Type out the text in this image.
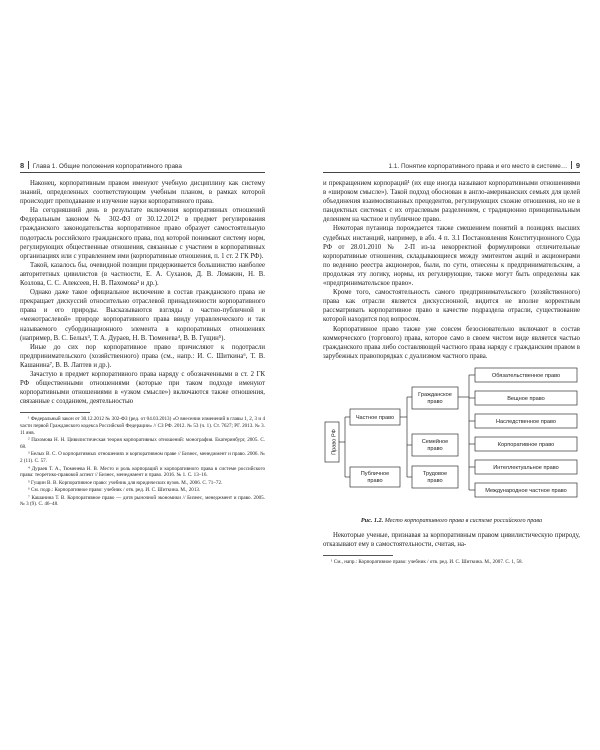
8 Глава 1. Общие положения корпоративного права

Наконец, корпоративным правом именуют учебную дисциплину как систему знаний, определенных соответствующим учебным планом, в рамках которой происходит преподавание и изучение науки корпоративного права.

На сегодняшний день в результате включения корпоративных отношений Федеральным законом № 302-ФЗ от 30.12.2012¹ в предмет регулирования гражданского законодательства корпоративное право образует самостоятельную подотрасль российского гражданского права, под которой понимают систему норм, регулирующих общественные отношения, связанные с участием в корпоративных организациях или с управлением ими (корпоративные отношения, п. 1 ст. 2 ГК РФ).

Такой, казалось бы, очевидной позиции придерживается большинство наиболее авторитетных цивилистов (в частности, Е. А. Суханов, Д. В. Ломакин, Н. В. Козлова, С. С. Алексеев, Н. В. Пахомова² и др.).

Однако даже такое официальное включение в состав гражданского права не прекращает дискуссий относительно отраслевой принадлежности корпоративного права и его природы. Высказываются взгляды о частно-публичной и «межотраслевой» природе корпоративного права ввиду управленческого и так называемого субординационного элемента в корпоративных отношениях (например, В. С. Белых³, Т. А. Дураев, Н. В. Тюменева⁴, В. В. Гущин⁵).

Иные до сих пор корпоративное право причисляют к подотрасли предпринимательского (хозяйственного) права (см., напр.: И. С. Шиткина⁶, Т. В. Кашанина⁷, В. В. Лаптев и др.).

Зачастую в предмет корпоративного права наряду с обозначенными в ст. 2 ГК РФ общественными отношениями (которые при таком подходе именуют корпоративными отношениями в «узком смысле») включаются также отношения, связанные с созданием, деятельностью

¹ Федеральный закон от 30.12.2012 № 302-ФЗ (ред. от 04.03.2013) «О внесении изменений в главы 1, 2, 3 и 4 части первой Гражданского кодекса Российской Федерации» // СЗ РФ. 2012. № 53 (ч. 1). Ст. 7627; РГ. 2013. № 3. 11 янв.

² Пахомова Н. Н. Цивилистическая теория корпоративных отношений: монография. Екатеринбург, 2005. С. 68.

³ Белых В. С. О корпоративных отношениях и корпоративном праве // Бизнес, менеджмент и право. 2006. № 2 (11). С. 57.

⁴ Дураев Т. А., Тюменева Н. В. Место и роль корпораций и корпоративного права в системе российского права: теоретико-правовой аспект // Бизнес, менеджмент и право. 2016. № 1. С. 13–16.

⁵ Гущин В. В. Корпоративное право: учебник для юридических вузов. М., 2006. С. 71–72.

⁶ См. подр.: Корпоративное право: учебник / отв. ред. И. С. Шиткина. М., 2013.

⁷ Кашанина Т. В. Корпоративное право — дитя рыночной экономики // Бизнес, менеджмент и право. 2005. № 3 (9). С. 46–48.

1.1. Понятие корпоративного права и его место в системе… 9

и прекращением корпораций¹ (их еще иногда называют корпоративными отношениями в «широком смысле»). Такой подход обоснован в англо-американских семьях для целей объединения взаимосвязанных прецедентов, регулирующих схожие отношения, но не в пандектных системах с их отраслевым разделением, с традиционно принципиальным делением на частное и публичное право.

Некоторая путаница порождается также смешением понятий в позициях высших судебных инстанций, например, в абз. 4 п. 3.1 Постановления Конституционного Суда РФ от 28.01.2010 № 2-П из-за некорректной формулировки отличительные корпоративные отношения, складывающиеся между эмитентом акций и акционерами по ведению реестра акционеров, были, по сути, отнесены к предпринимательским, а продолжая эту логику, нормы, их регулирующие, также могут быть определены как «предпринимательское право».

Кроме того, самостоятельность самого предпринимательского (хозяйственного) права как отрасли является дискуссионной, видится не вполне корректным рассматривать корпоративное право в качестве подраздела отрасли, существование которой находится под вопросом.

Корпоративное право также уже совсем безосновательно включают в состав коммерческого (торгового) права, которое само в своем чистом виде является частью гражданского права либо составляющей частного права наряду с гражданским правом в зарубежных правопорядках с дуализмом частного права.

Право РФ
Частное право
Публичное право
Гражданское право
Семейное право
Трудовое право
Обязательственное право
Вещное право
Наследственное право
Корпоративное право
Интеллектуальное право
Международное частное право
Рис. 1.2. Место корпоративного права в системе российского права

Некоторые ученые, признавая за корпоративным правом цивилистическую природу, отказывают ему в самостоятельности, считая, на-

¹ См., напр.: Корпоративное право: учебник / отв. ред. И. С. Шиткина. М., 2007. С. 1, 58.
